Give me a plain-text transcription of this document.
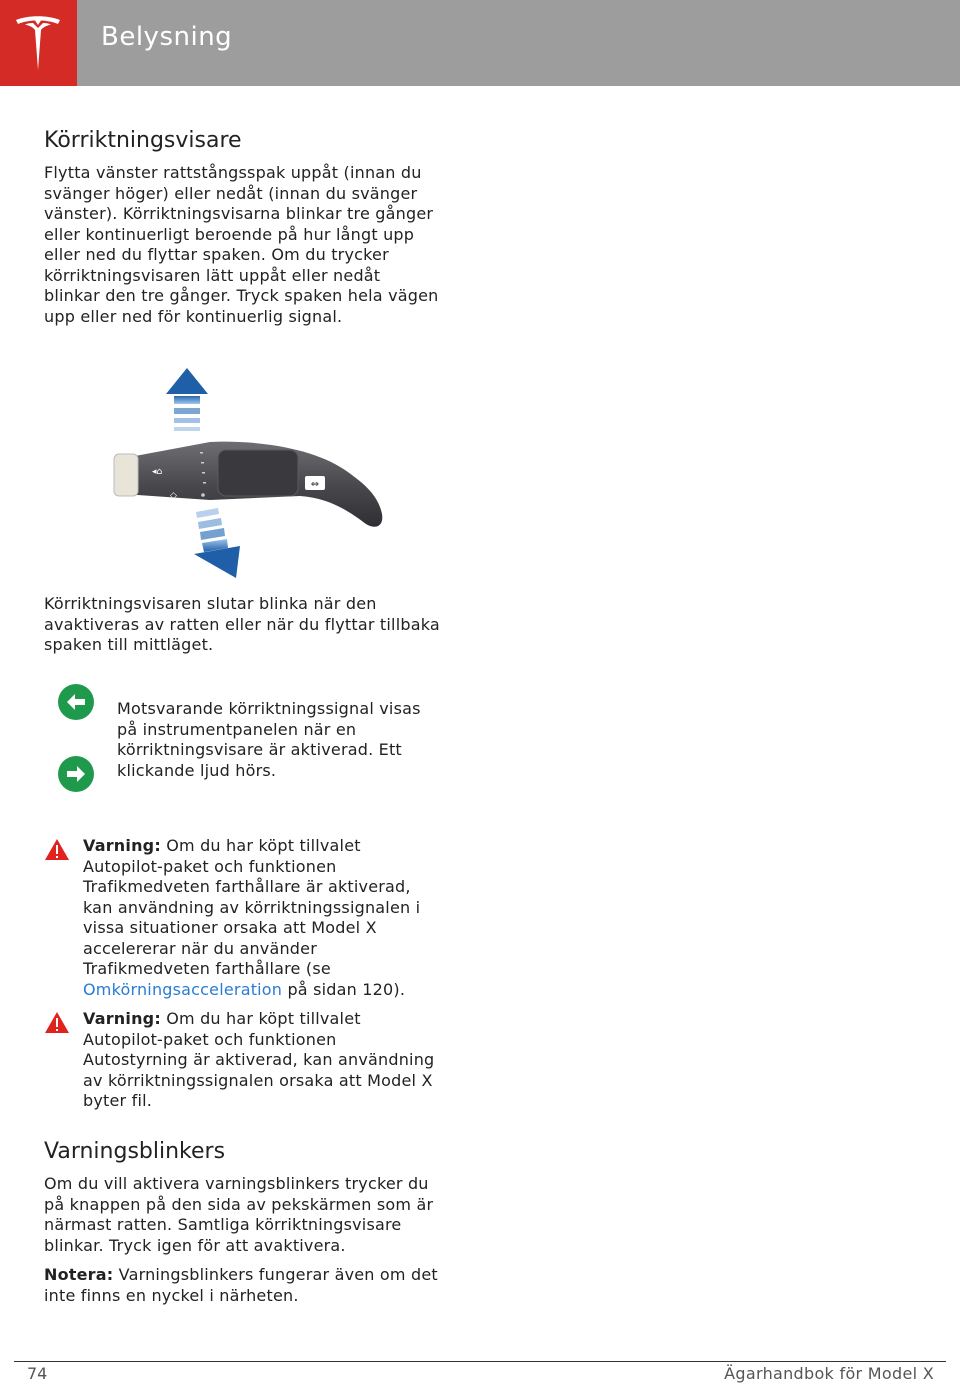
Belysning
Körriktningsvisare

Flytta vänster rattstångsspak uppåt (innan du svänger höger) eller nedåt (innan du svänger vänster). Körriktningsvisarna blinkar tre gånger eller kontinuerligt beroende på hur långt upp eller ned du flyttar spaken. Om du trycker körriktningsvisaren lätt uppåt eller nedåt blinkar den tre gånger. Tryck spaken hela vägen upp eller ned för kontinuerlig signal.

⇔
◂⌂
◇

Körriktningsvisaren slutar blinka när den avaktiveras av ratten eller när du flyttar tillbaka spaken till mittläget.

Motsvarande körriktningssignal visas på instrumentpanelen när en körriktningsvisare är aktiverad. Ett klickande ljud hörs.
Varning: Om du har köpt tillvalet Autopilot-paket och funktionen Trafikmedveten farthållare är aktiverad, kan användning av körriktningssignalen i vissa situationer orsaka att Model X accelererar när du använder Trafikmedveten farthållare (se Omkörningsacceleration på sidan 120).
Varning: Om du har köpt tillvalet Autopilot-paket och funktionen Autostyrning är aktiverad, kan användning av körriktningssignalen orsaka att Model X byter fil.
Varningsblinkers

Om du vill aktivera varningsblinkers trycker du på knappen på den sida av pekskärmen som är närmast ratten. Samtliga körriktningsvisare blinkar. Tryck igen för att avaktivera.

Notera: Varningsblinkers fungerar även om det inte finns en nyckel i närheten.

74	Ägarhandbok för Model X
